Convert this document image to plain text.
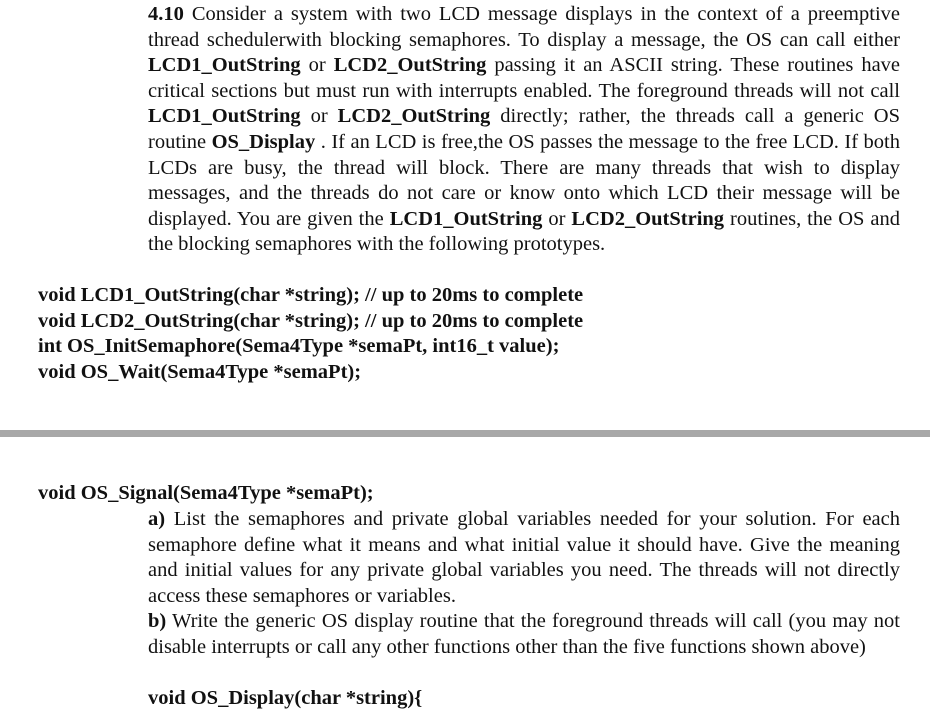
4.10 Consider a system with two LCD message displays in the context of a preemptive thread schedulerwith blocking semaphores. To display a message, the OS can call either LCD1_OutString or LCD2_OutString passing it an ASCII string. These routines have critical sections but must run with interrupts enabled. The foreground threads will not call LCD1_OutString or LCD2_OutString directly; rather, the threads call a generic OS routine OS_Display . If an LCD is free,the OS passes the message to the free LCD. If both LCDs are busy, the thread will block. There are many threads that wish to display messages, and the threads do not care or know onto which LCD their message will be displayed. You are given the LCD1_OutString or LCD2_OutString routines, the OS and the blocking semaphores with the following prototypes.

void LCD1_OutString(char *string); // up to 20ms to complete
void LCD2_OutString(char *string); // up to 20ms to complete
int OS_InitSemaphore(Sema4Type *semaPt, int16_t value);
void OS_Wait(Sema4Type *semaPt);
void OS_Signal(Sema4Type *semaPt);

a) List the semaphores and private global variables needed for your solution. For each semaphore define what it means and what initial value it should have. Give the meaning and initial values for any private global variables you need. The threads will not directly access these semaphores or variables.

b) Write the generic OS display routine that the foreground threads will call (you may not disable interrupts or call any other functions other than the five functions shown above)

void OS_Display(char *string){
